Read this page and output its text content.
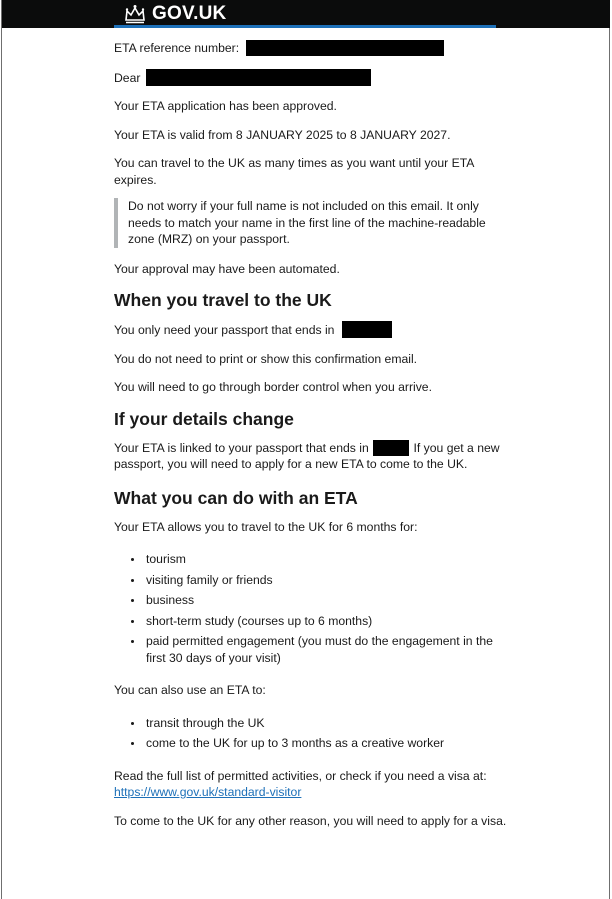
GOV.UK

ETA reference number:

Dear

Your ETA application has been approved.

Your ETA is valid from 8 JANUARY 2025 to 8 JANUARY 2027.

You can travel to the UK as many times as you want until your ETA expires.

Do not worry if your full name is not included on this email. It only needs to match your name in the first line of the machine-readable zone (MRZ) on your passport.

Your approval may have been automated.

When you travel to the UK

You only need your passport that ends in

You do not need to print or show this confirmation email.

You will need to go through border control when you arrive.

If your details change

Your ETA is linked to your passport that ends in	If you get a new passport, you will need to apply for a new ETA to come to the UK.

What you can do with an ETA

Your ETA allows you to travel to the UK for 6 months for:

tourism
visiting family or friends
business
short-term study (courses up to 6 months)
paid permitted engagement (you must do the engagement in the first 30 days of your visit)

You can also use an ETA to:

transit through the UK
come to the UK for up to 3 months as a creative worker

Read the full list of permitted activities, or check if you need a visa at: https://www.gov.uk/standard-visitor

To come to the UK for any other reason, you will need to apply for a visa.
